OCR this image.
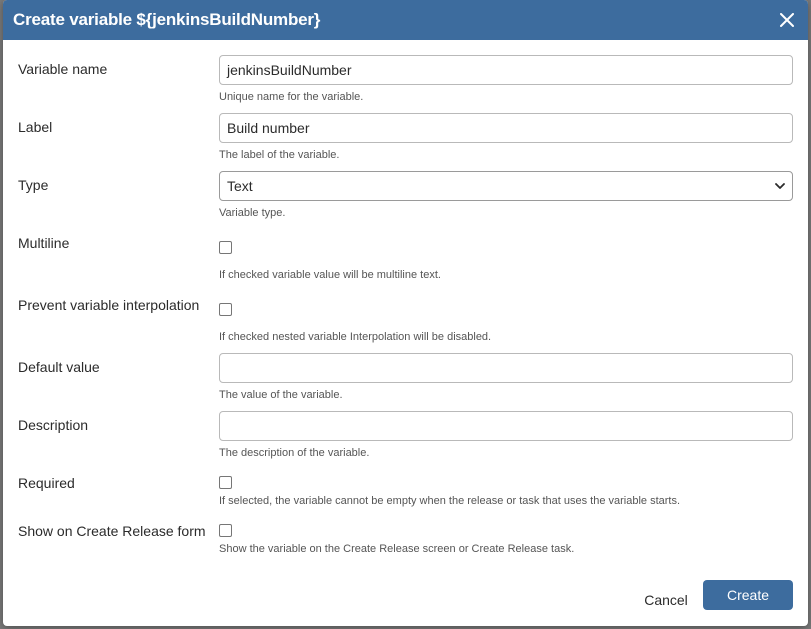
Create variable ${jenkinsBuildNumber}
Variable name	jenkinsBuildNumber
Unique name for the variable.
Label	Build number
The label of the variable.
Type	Text
Variable type.
Multiline
If checked variable value will be multiline text.
Prevent variable interpolation
If checked nested variable Interpolation will be disabled.
Default value
The value of the variable.
Description
The description of the variable.
Required
If selected, the variable cannot be empty when the release or task that uses the variable starts.
Show on Create Release form
Show the variable on the Create Release screen or Create Release task.
Cancel	Create
